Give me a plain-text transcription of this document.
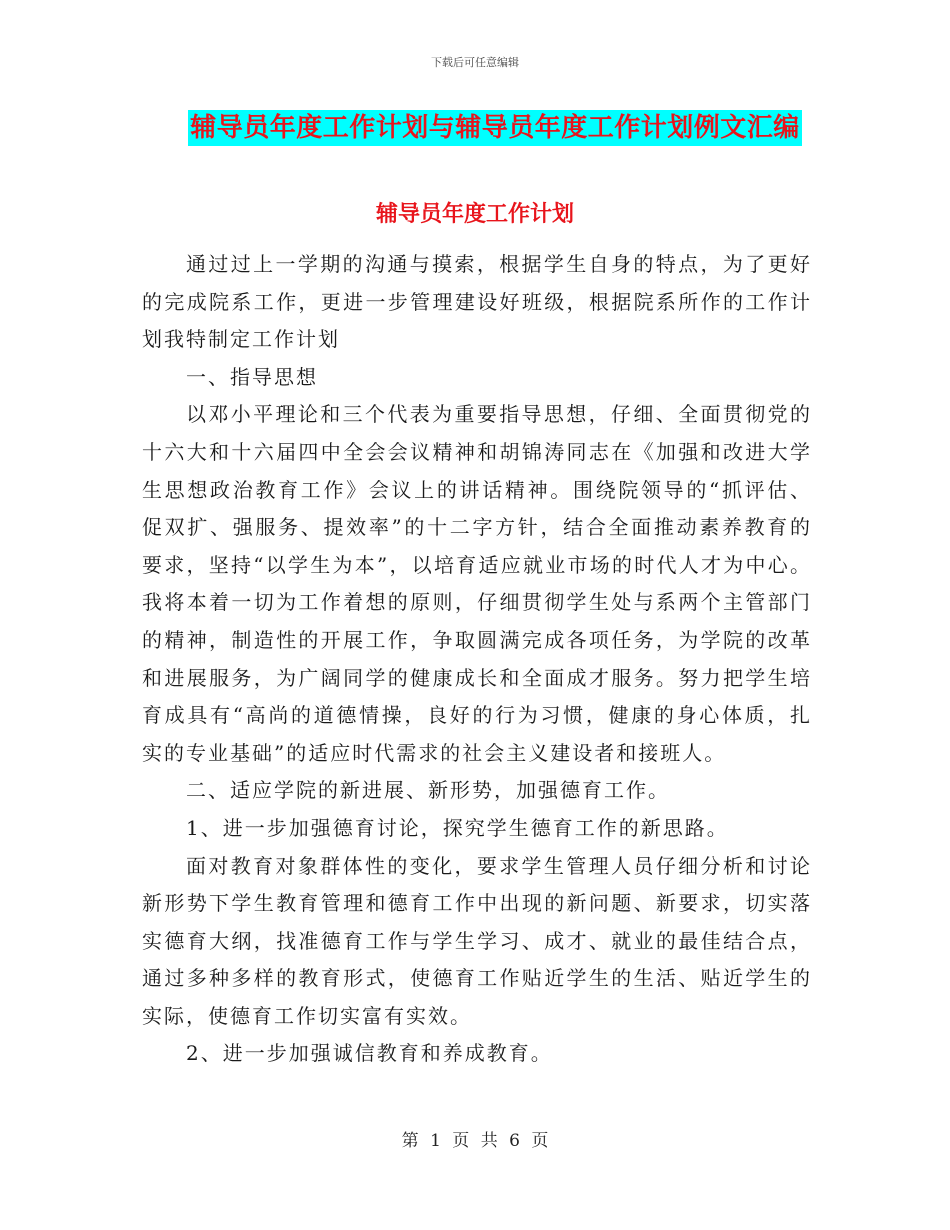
下载后可任意编辑
辅导员年度工作计划与辅导员年度工作计划例文汇编
辅导员年度工作计划

通过过上一学期的沟通与摸索，根据学生自身的特点，为了更好的完成院系工作，更进一步管理建设好班级，根据院系所作的工作计划我特制定工作计划

一、指导思想

以邓小平理论和三个代表为重要指导思想，仔细、全面贯彻党的十六大和十六届四中全会会议精神和胡锦涛同志在《加强和改进大学生思想政治教育工作》会议上的讲话精神。围绕院领导的“抓评估、促双扩、强服务、提效率”的十二字方针，结合全面推动素养教育的要求，坚持“以学生为本”，以培育适应就业市场的时代人才为中心。我将本着一切为工作着想的原则，仔细贯彻学生处与系两个主管部门的精神，制造性的开展工作，争取圆满完成各项任务，为学院的改革和进展服务，为广阔同学的健康成长和全面成才服务。努力把学生培育成具有“高尚的道德情操，良好的行为习惯，健康的身心体质，扎实的专业基础”的适应时代需求的社会主义建设者和接班人。

二、适应学院的新进展、新形势，加强德育工作。

1、进一步加强德育讨论，探究学生德育工作的新思路。

面对教育对象群体性的变化，要求学生管理人员仔细分析和讨论新形势下学生教育管理和德育工作中出现的新问题、新要求，切实落实德育大纲，找准德育工作与学生学习、成才、就业的最佳结合点，通过多种多样的教育形式，使德育工作贴近学生的生活、贴近学生的实际，使德育工作切实富有实效。

2、进一步加强诚信教育和养成教育。

第 1 页 共 6 页
